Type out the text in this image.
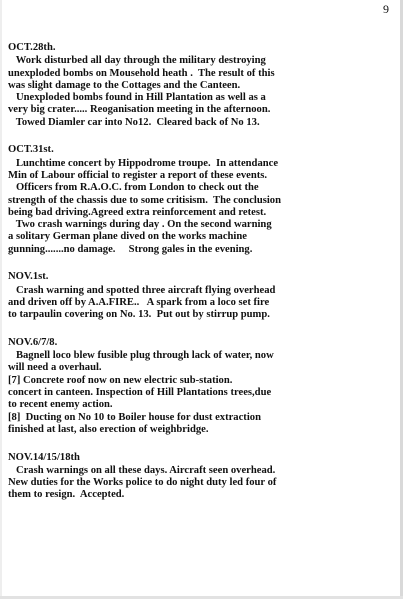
9
OCT.28th.
Work disturbed all day through the military destroying
unexploded bombs on Mousehold heath .  The result of this
was slight damage to the Cottages and the Canteen.
Unexploded bombs found in Hill Plantation as well as a
very big crater..... Reoganisation meeting in the afternoon.
Towed Diamler car into No12.  Cleared back of No 13.
OCT.31st.
Lunchtime concert by Hippodrome troupe.  In attendance
Min of Labour official to register a report of these events.
Officers from R.A.O.C. from London to check out the
strength of the chassis due to some critisism.  The conclusion
being bad driving.Agreed extra reinforcement and retest.
Two crash warnings during day . On the second warning
a solitary German plane dived on the works machine
gunning.......no damage.     Strong gales in the evening.
NOV.1st.
Crash warning and spotted three aircraft flying overhead
and driven off by A.A.FIRE..   A spark from a loco set fire
to tarpaulin covering on No. 13.  Put out by stirrup pump.
NOV.6/7/8.
Bagnell loco blew fusible plug through lack of water, now
will need a overhaul.
[7] Concrete roof now on new electric sub-station.
concert in canteen. Inspection of Hill Plantations trees,due
to recent enemy action.
[8]  Ducting on No 10 to Boiler house for dust extraction
finished at last, also erection of weighbridge.
NOV.14/15/18th
Crash warnings on all these days. Aircraft seen overhead.
New duties for the Works police to do night duty led four of
them to resign.  Accepted.
